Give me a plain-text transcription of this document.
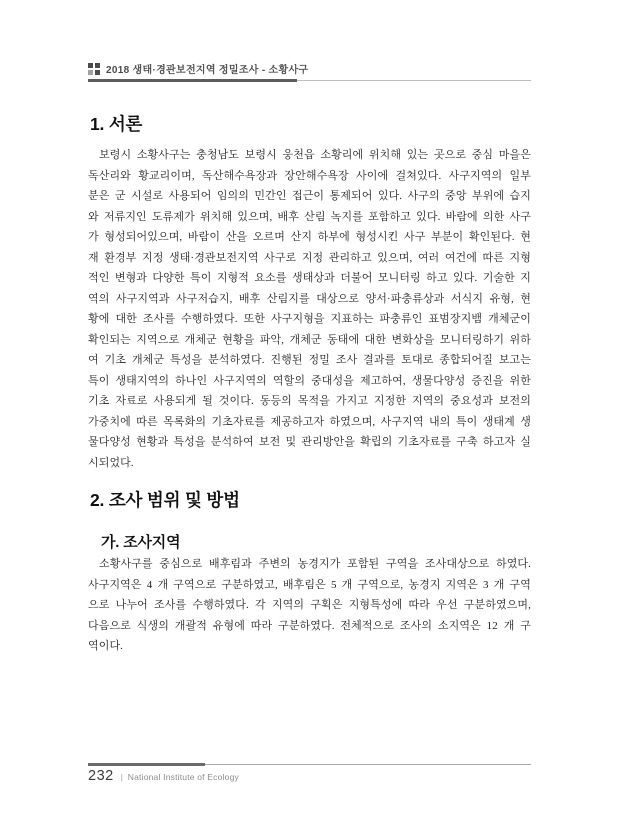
2018 생태·경관보전지역 정밀조사 - 소황사구
1. 서론
보령시 소황사구는 충청남도 보령시 웅천읍 소황리에 위치해 있는 곳으로 중심 마을은
독산리와 황교리이며, 독산해수욕장과 장안해수욕장 사이에 걸쳐있다. 사구지역의 일부
분은 군 시설로 사용되어 임의의 민간인 접근이 통제되어 있다. 사구의 중앙 부위에 습지
와 저류지인 도류제가 위치해 있으며, 배후 산림 녹지를 포함하고 있다. 바람에 의한 사구
가 형성되어있으며, 바람이 산을 오르며 산지 하부에 형성시킨 사구 부분이 확인된다. 현
재 환경부 지정 생태·경관보전지역 사구로 지정 관리하고 있으며, 여러 여건에 따른 지형
적인 변형과 다양한 특이 지형적 요소를 생태상과 더불어 모니터링 하고 있다. 기술한 지
역의 사구지역과 사구저습지, 배후 산림지를 대상으로 양서·파충류상과 서식지 유형, 현
황에 대한 조사를 수행하였다. 또한 사구지형을 지표하는 파충류인 표범장지뱀 개체군이
확인되는 지역으로 개체군 현황을 파악, 개체군 동태에 대한 변화상을 모니터링하기 위하
여 기초 개체군 특성을 분석하였다. 진행된 정밀 조사 결과를 토대로 종합되어질 보고는
특이 생태지역의 하나인 사구지역의 역할의 중대성을 제고하여, 생물다양성 증진을 위한
기초 자료로 사용되게 될 것이다. 동등의 목적을 가지고 지정한 지역의 중요성과 보전의
가중치에 따른 목록화의 기초자료를 제공하고자 하였으며, 사구지역 내의 특이 생태계 생
물다양성 현황과 특성을 분석하여 보전 및 관리방안을 확립의 기초자료를 구축 하고자 실
시되었다.
2. 조사 범위 및 방법
가. 조사지역
소황사구를 중심으로 배후림과 주변의 농경지가 포함된 구역을 조사대상으로 하였다.
사구지역은 4 개 구역으로 구분하였고, 배후림은 5 개 구역으로, 농경지 지역은 3 개 구역
으로 나누어 조사를 수행하였다. 각 지역의 구획은 지형특성에 따라 우선 구분하였으며,
다음으로 식생의 개괄적 유형에 따라 구분하였다. 전체적으로 조사의 소지역은 12 개 구
역이다.
232 | National Institute of Ecology
